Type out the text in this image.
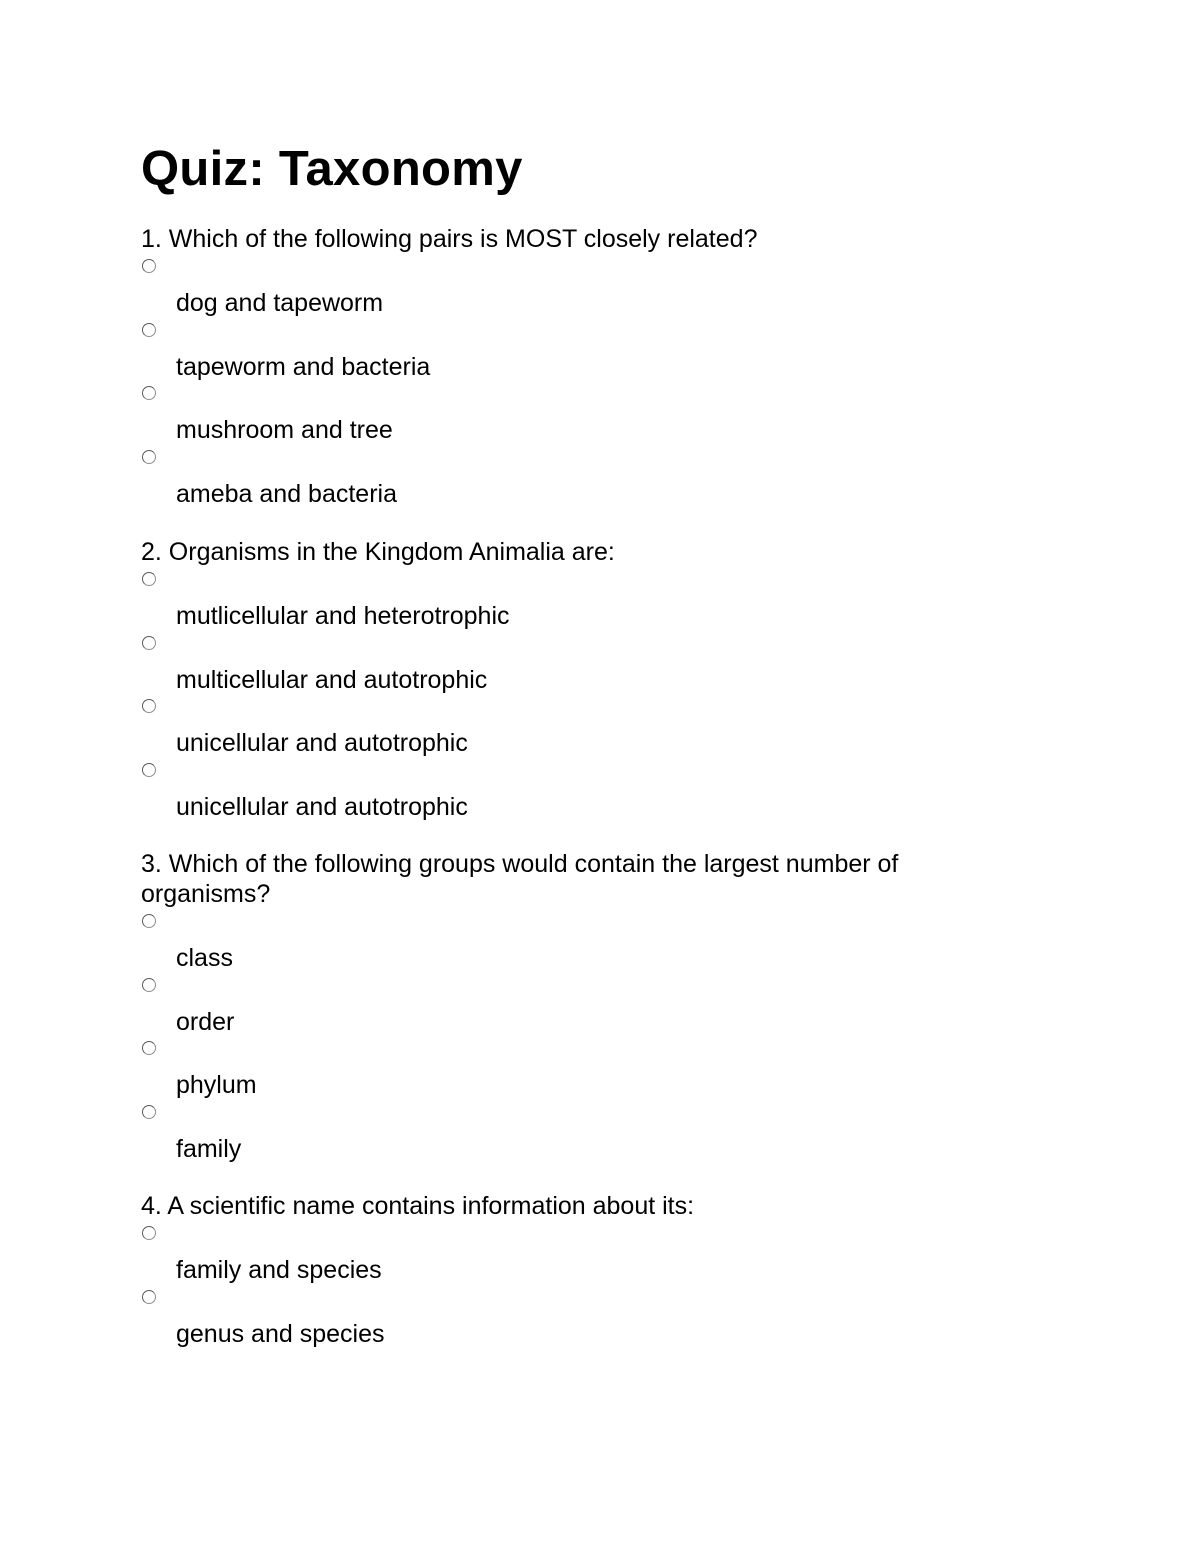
Quiz: Taxonomy

1. Which of the following pairs is MOST closely related?

dog and tapeworm
tapeworm and bacteria
mushroom and tree
ameba and bacteria

2. Organisms in the Kingdom Animalia are:

mutlicellular and heterotrophic
multicellular and autotrophic
unicellular and autotrophic
unicellular and autotrophic

3. Which of the following groups would contain the largest number of organisms?

class
order
phylum
family

4. A scientific name contains information about its:

family and species
genus and species
